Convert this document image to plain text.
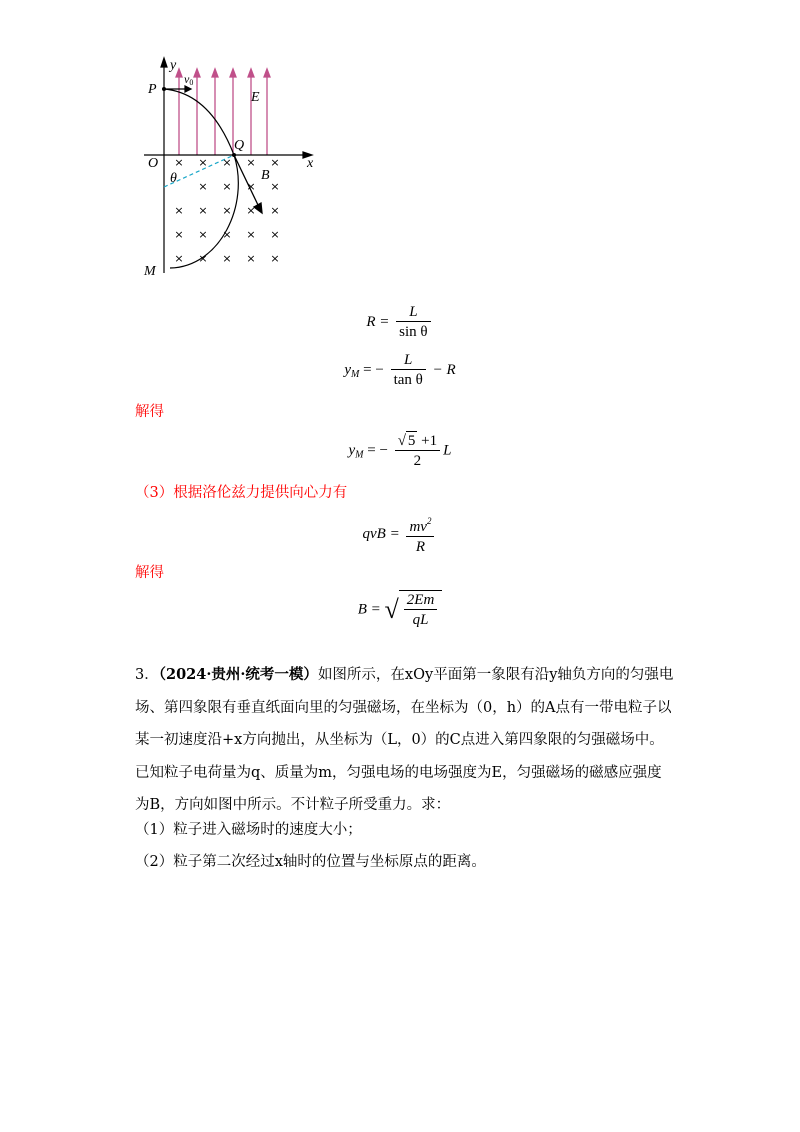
× × × × ×
× × × ×
× × × × ×
× × × × ×
× × × × ×
y
x
O
P
Q
M
v0
E
B
θ
$R = \frac{L}{\text{sin θ}}$
$y_M$ = − $\frac{L}{\text{tan θ}} - R$
解得
$y_M$ = − $\frac{√ 5 +1}{2}$ L
（3）根据洛伦兹力提供向心力有
qvB = $\frac{mv^2}{R}$
解得
B = √ $\frac{2Em}{qL}$
3．（2024·贵州·统考一模）如图所示，在xOy平面第一象限有沿y轴负方向的匀强电场、第四象限有垂直纸面向里的匀强磁场，在坐标为（0，h）的A点有一带电粒子以某一初速度沿+x方向抛出，从坐标为（L，0）的C点进入第四象限的匀强磁场中。已知粒子电荷量为q、质量为m，匀强电场的电场强度为E，匀强磁场的磁感应强度为B，方向如图中所示。不计粒子所受重力。求：
（1）粒子进入磁场时的速度大小；
（2）粒子第二次经过x轴时的位置与坐标原点的距离。
